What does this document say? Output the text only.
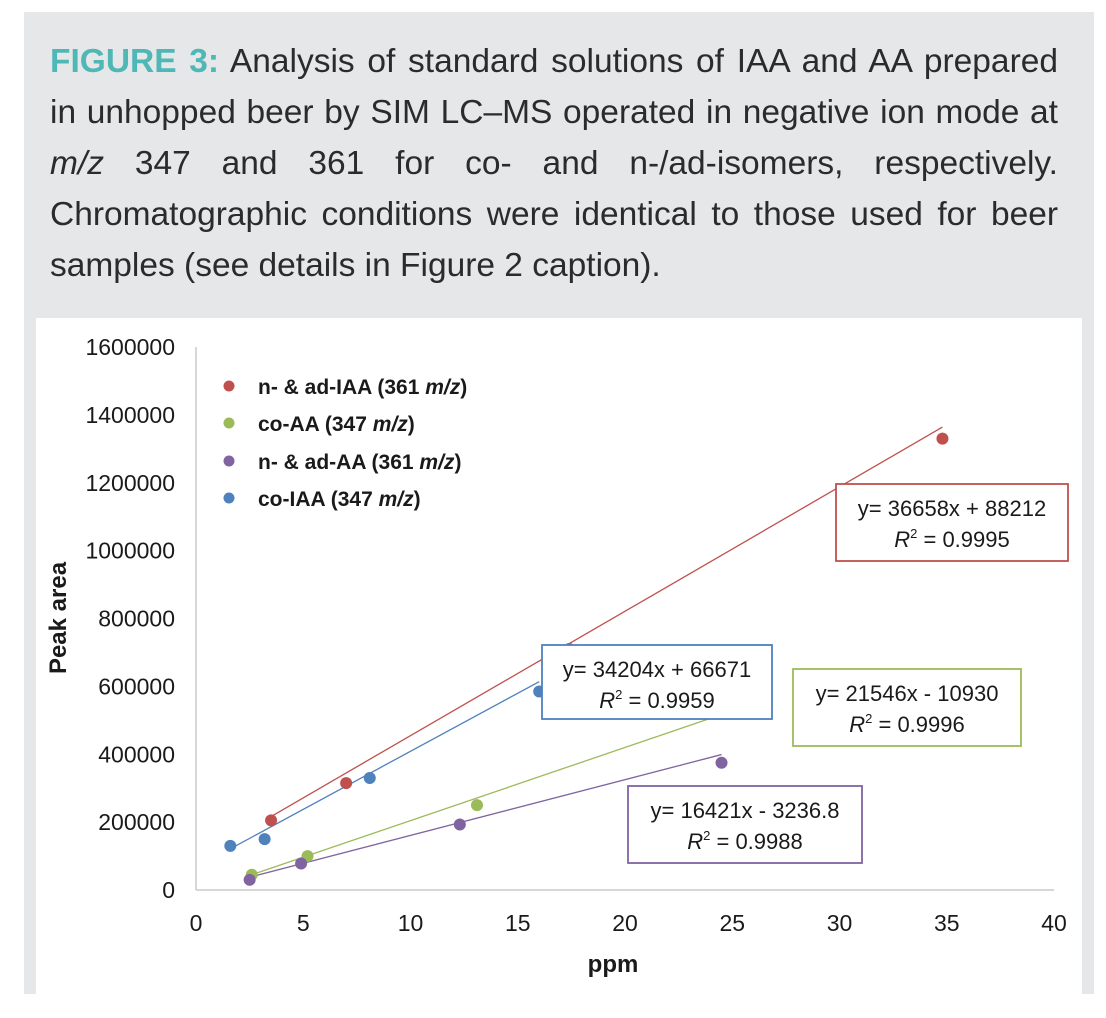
FIGURE 3: Analysis of standard solutions of IAA and AA prepared in unhopped beer by SIM LC–MS operated in negative ion mode at m/z 347 and 361 for co- and n-/ad-isomers, respectively. Chromatographic conditions were identical to those used for beer samples (see details in Figure 2 caption).
0	5	10	15	20	25	30	35	40
0
200000
400000
600000
800000
1000000
1200000
1400000
1600000
n- & ad-IAA (361 m/z)
co-AA (347 m/z)
n- & ad-AA (361 m/z)
co-IAA (347 m/z)	y= 36658x + 88212
$R^2 = 0.9995$
y= 21546x - 10930
$R^2 = 0.9996$
y= 16421x - 3236.8
$R^2 = 0.9988$
y= 34204x + 66671
$R^2 = 0.9959$
ppm
Peak area
